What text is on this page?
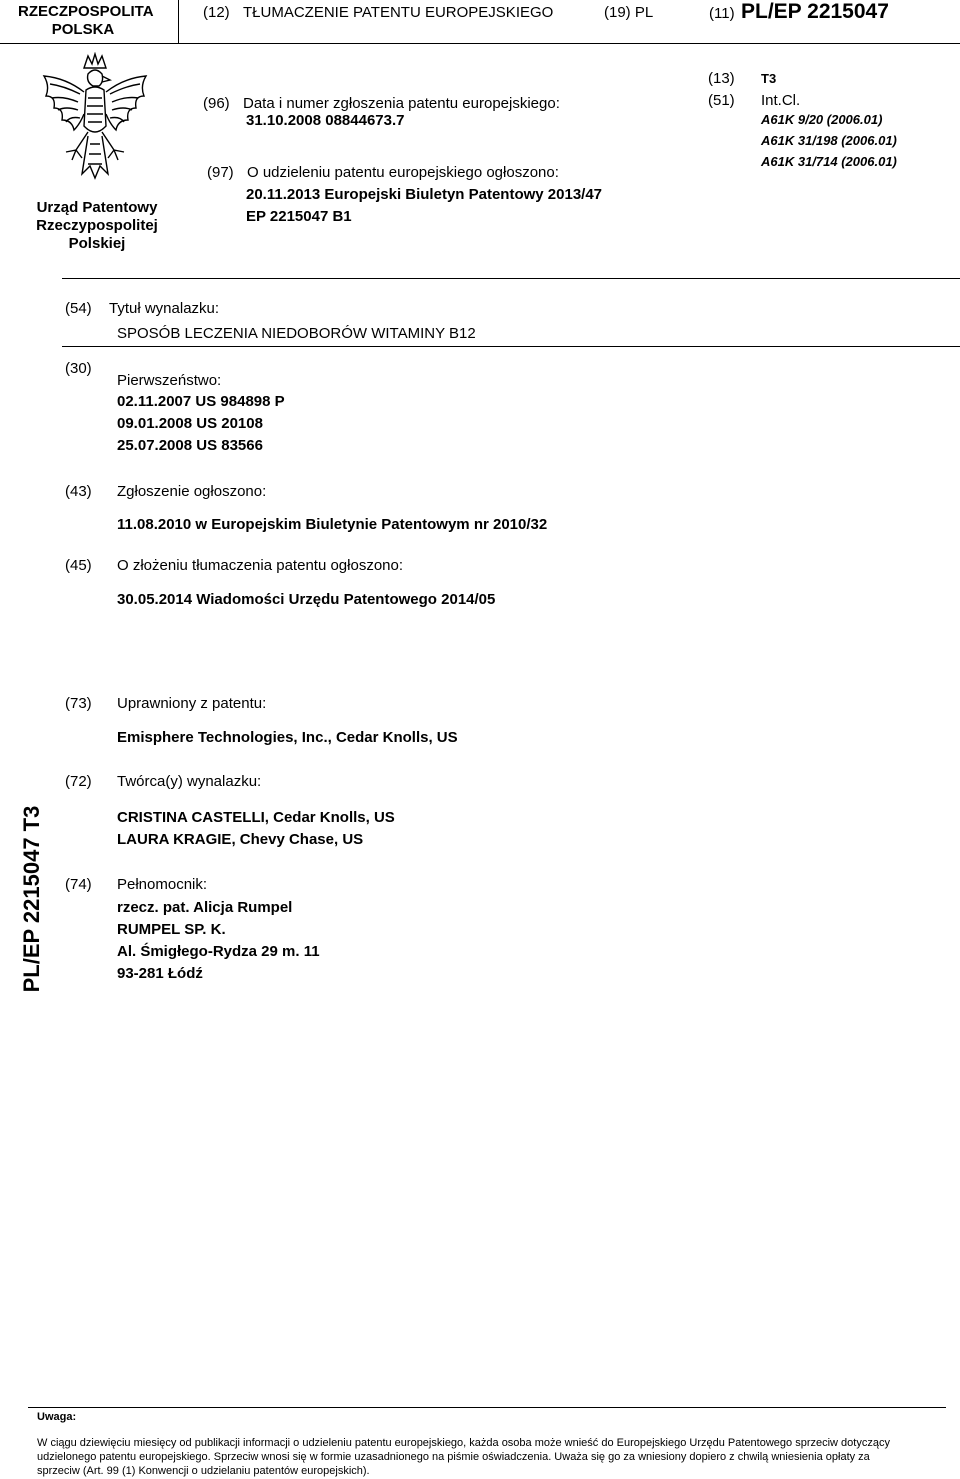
RZECZPOSPOLITA
POLSKA
(12) TŁUMACZENIE PATENTU EUROPEJSKIEGO	(19) PL	(11) PL/EP 2215047
Urząd Patentowy
Rzeczypospolitej
Polskiej
(96) Data i numer zgłoszenia patentu europejskiego:
31.10.2008 08844673.7
(97) O udzieleniu patentu europejskiego ogłoszono:
20.11.2013 Europejski Biuletyn Patentowy 2013/47
EP 2215047 B1
(13) T3
(51) Int.Cl.
A61K 9/20 (2006.01)
A61K 31/198 (2006.01)
A61K 31/714 (2006.01)
(54) Tytuł wynalazku:
SPOSÓB LECZENIA NIEDOBORÓW WITAMINY B12
(30)
Pierwszeństwo:
02.11.2007 US 984898 P
09.01.2008 US 20108
25.07.2008 US 83566
(43) Zgłoszenie ogłoszono:
11.08.2010 w Europejskim Biuletynie Patentowym nr 2010/32
(45) O złożeniu tłumaczenia patentu ogłoszono:
30.05.2014 Wiadomości Urzędu Patentowego 2014/05
(73) Uprawniony z patentu:
Emisphere Technologies, Inc., Cedar Knolls, US
(72) Twórca(y) wynalazku:
CRISTINA CASTELLI, Cedar Knolls, US
LAURA KRAGIE, Chevy Chase, US
(74) Pełnomocnik:
rzecz. pat. Alicja Rumpel
RUMPEL SP. K.
Al. Śmigłego-Rydza 29 m. 11
93-281 Łódź
PL/EP 2215047 T3
Uwaga:
W ciągu dziewięciu miesięcy od publikacji informacji o udzieleniu patentu europejskiego, każda osoba może wnieść do Europejskiego Urzędu Patentowego sprzeciw dotyczący
udzielonego patentu europejskiego. Sprzeciw wnosi się w formie uzasadnionego na piśmie oświadczenia. Uważa się go za wniesiony dopiero z chwilą wniesienia opłaty za
sprzeciw (Art. 99 (1) Konwencji o udzielaniu patentów europejskich).
